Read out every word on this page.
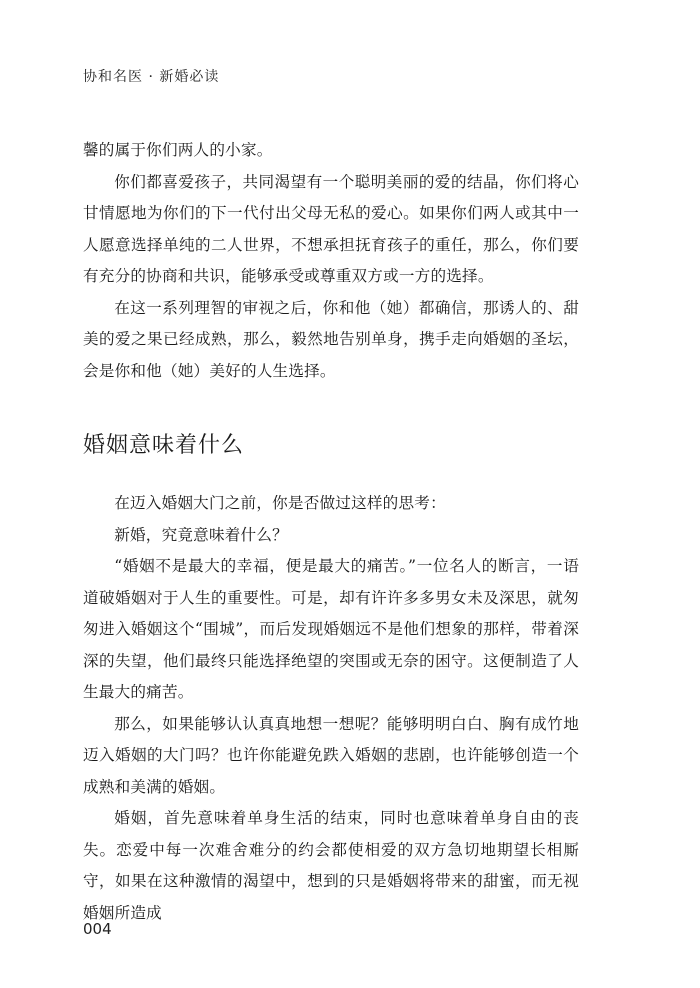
协和名医 · 新婚必读

馨的属于你们两人的小家。

你们都喜爱孩子，共同渴望有一个聪明美丽的爱的结晶，你们将心甘情愿地为你们的下一代付出父母无私的爱心。如果你们两人或其中一人愿意选择单纯的二人世界，不想承担抚育孩子的重任，那么，你们要有充分的协商和共识，能够承受或尊重双方或一方的选择。

在这一系列理智的审视之后，你和他（她）都确信，那诱人的、甜美的爱之果已经成熟，那么，毅然地告别单身，携手走向婚姻的圣坛，会是你和他（她）美好的人生选择。

婚姻意味着什么

在迈入婚姻大门之前，你是否做过这样的思考：

新婚，究竟意味着什么？

“婚姻不是最大的幸福，便是最大的痛苦。”一位名人的断言，一语道破婚姻对于人生的重要性。可是，却有许许多多男女未及深思，就匆匆进入婚姻这个“围城”，而后发现婚姻远不是他们想象的那样，带着深深的失望，他们最终只能选择绝望的突围或无奈的困守。这便制造了人生最大的痛苦。

那么，如果能够认认真真地想一想呢？能够明明白白、胸有成竹地迈入婚姻的大门吗？也许你能避免跌入婚姻的悲剧，也许能够创造一个成熟和美满的婚姻。

婚姻，首先意味着单身生活的结束，同时也意味着单身自由的丧失。恋爱中每一次难舍难分的约会都使相爱的双方急切地期望长相厮守，如果在这种激情的渴望中，想到的只是婚姻将带来的甜蜜，而无视婚姻所造成

004
